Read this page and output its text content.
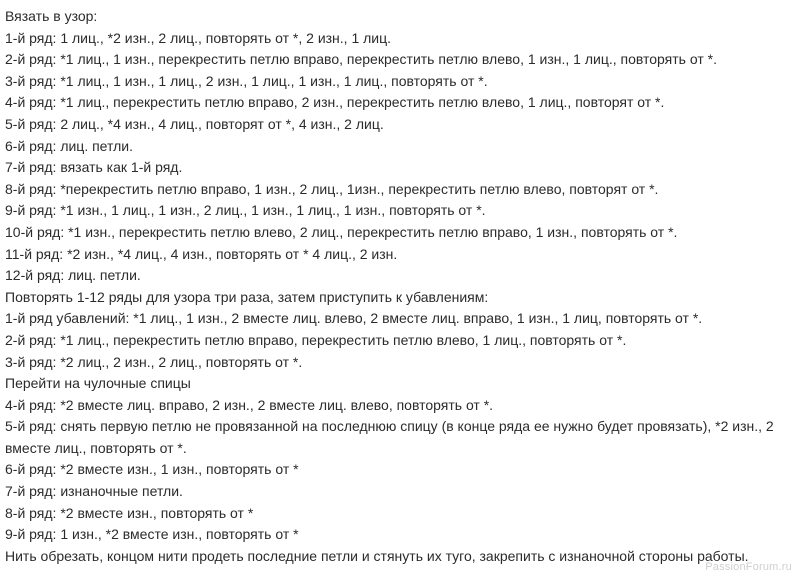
Вязать в узор:
1-й ряд: 1 лиц., *2 изн., 2 лиц., повторять от *, 2 изн., 1 лиц.
2-й ряд: *1 лиц., 1 изн., перекрестить петлю вправо, перекрестить петлю влево, 1 изн., 1 лиц., повторять от *.
3-й ряд: *1 лиц., 1 изн., 1 лиц., 2 изн., 1 лиц., 1 изн., 1 лиц., повторять от *.
4-й ряд: *1 лиц., перекрестить петлю вправо, 2 изн., перекрестить петлю влево, 1 лиц., повторят от *.
5-й ряд: 2 лиц., *4 изн., 4 лиц., повторят от *, 4 изн., 2 лиц.
6-й ряд: лиц. петли.
7-й ряд: вязать как 1-й ряд.
8-й ряд: *перекрестить петлю вправо, 1 изн., 2 лиц., 1изн., перекрестить петлю влево, повторят от *.
9-й ряд: *1 изн., 1 лиц., 1 изн., 2 лиц., 1 изн., 1 лиц., 1 изн., повторять от *.
10-й ряд: *1 изн., перекрестить петлю влево, 2 лиц., перекрестить петлю вправо, 1 изн., повторять от *.
11-й ряд: *2 изн., *4 лиц., 4 изн., повторять от * 4 лиц., 2 изн.
12-й ряд: лиц. петли.
Повторять 1-12 ряды для узора три раза, затем приступить к убавлениям:
1-й ряд убавлений: *1 лиц., 1 изн., 2 вместе лиц. влево, 2 вместе лиц. вправо, 1 изн., 1 лиц, повторять от *.
2-й ряд: *1 лиц., перекрестить петлю вправо, перекрестить петлю влево, 1 лиц., повторять от *.
3-й ряд: *2 лиц., 2 изн., 2 лиц., повторять от *.
Перейти на чулочные спицы
4-й ряд: *2 вместе лиц. вправо, 2 изн., 2 вместе лиц. влево, повторять от *.
5-й ряд: снять первую петлю не провязанной на последнюю спицу (в конце ряда ее нужно будет провязать), *2 изн., 2 вместе лиц., повторять от *.
6-й ряд: *2 вместе изн., 1 изн., повторять от *
7-й ряд: изнаночные петли.
8-й ряд: *2 вместе изн., повторять от *
9-й ряд: 1 изн., *2 вместе изн., повторять от *
Нить обрезать, концом нити продеть последние петли и стянуть их туго, закрепить с изнаночной стороны работы.
PassionForum.ru
